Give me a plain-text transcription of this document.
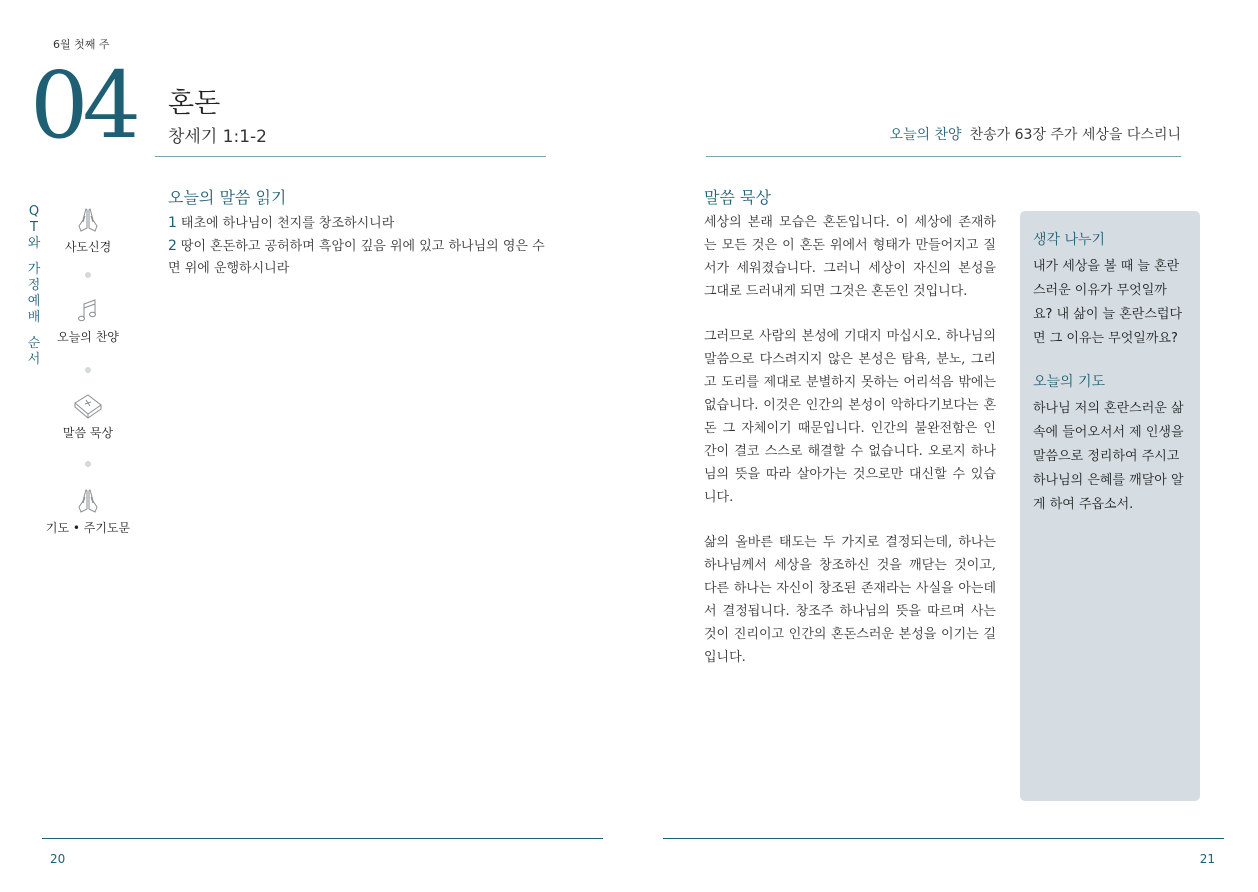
6월 첫째 주
04 혼돈
창세기 1:1-2	오늘의 찬양 찬송가 63장 주가 세상을 다스리니
Q
T
와
가
정
예
배
순
서
사도신경
오늘의 찬양
말씀 묵상
기도 • 주기도문
오늘의 말씀 읽기
1 태초에 하나님이 천지를 창조하시니라
2 땅이 혼돈하고 공허하며 흑암이 깊음 위에 있고 하나님의 영은 수면 위에 운행하시니라
말씀 묵상

세상의 본래 모습은 혼돈입니다. 이 세상에 존재하는 모든 것은 이 혼돈 위에서 형태가 만들어지고 질서가 세워졌습니다. 그러니 세상이 자신의 본성을 그대로 드러내게 되면 그것은 혼돈인 것입니다.

그러므로 사람의 본성에 기대지 마십시오. 하나님의 말씀으로 다스려지지 않은 본성은 탐욕, 분노, 그리고 도리를 제대로 분별하지 못하는 어리석음 밖에는 없습니다. 이것은 인간의 본성이 악하다기보다는 혼돈 그 자체이기 때문입니다. 인간의 불완전함은 인간이 결코 스스로 해결할 수 없습니다. 오로지 하나님의 뜻을 따라 살아가는 것으로만 대신할 수 있습니다.

삶의 올바른 태도는 두 가지로 결정되는데, 하나는 하나님께서 세상을 창조하신 것을 깨닫는 것이고, 다른 하나는 자신이 창조된 존재라는 사실을 아는데서 결정됩니다. 창조주 하나님의 뜻을 따르며 사는 것이 진리이고 인간의 혼돈스러운 본성을 이기는 길입니다.

생각 나누기

내가 세상을 볼 때 늘 혼란스러운 이유가 무엇일까요? 내 삶이 늘 혼란스럽다면 그 이유는 무엇일까요?

오늘의 기도

하나님 저의 혼란스러운 삶 속에 들어오서서 제 인생을 말씀으로 정리하여 주시고 하나님의 은혜를 깨달아 알게 하여 주옵소서.

20	21
